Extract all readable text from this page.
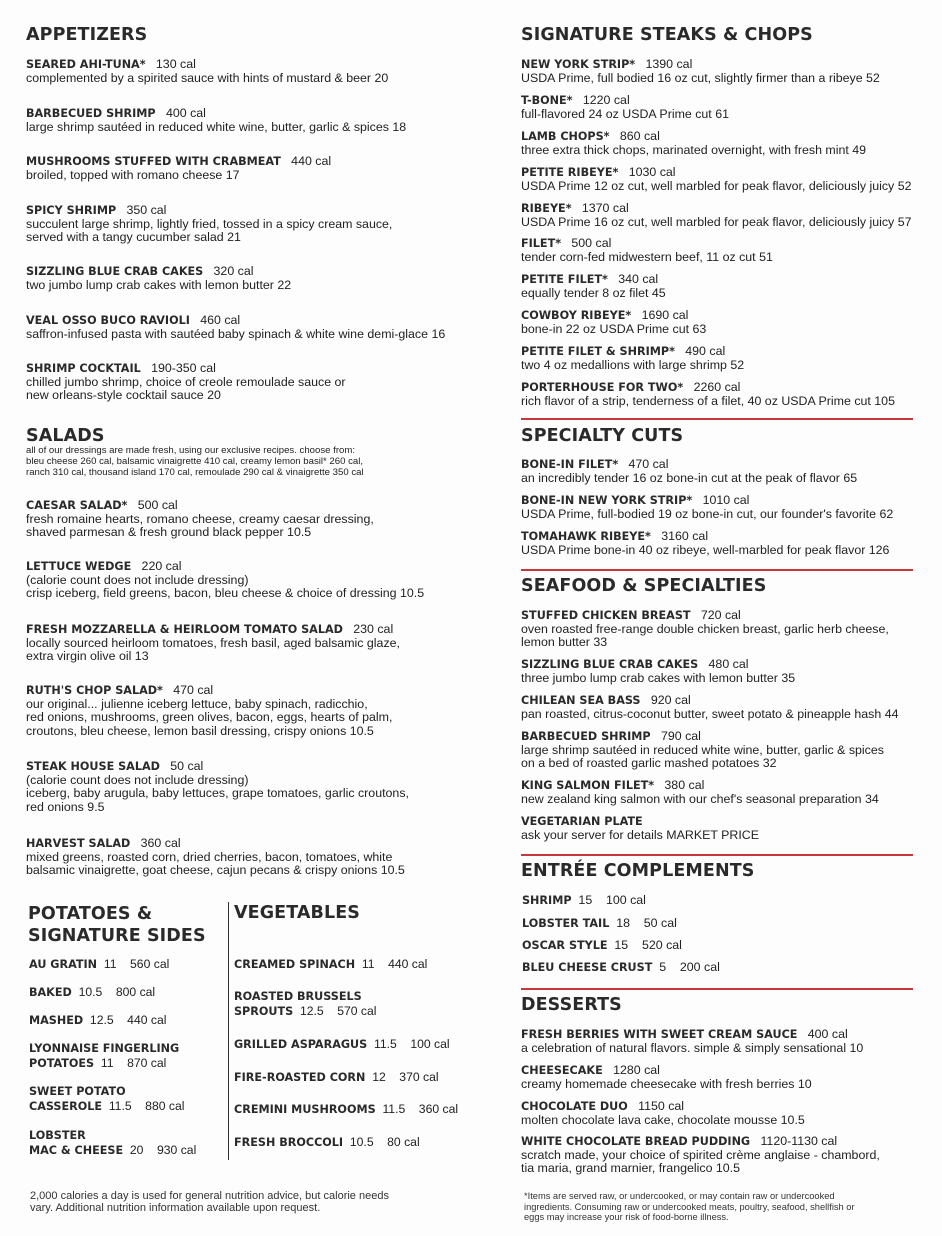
APPETIZERS
SEARED AHI-TUNA* 130 cal
complemented by a spirited sauce with hints of mustard & beer 20
BARBECUED SHRIMP 400 cal
large shrimp sautéed in reduced white wine, butter, garlic & spices 18
MUSHROOMS STUFFED WITH CRABMEAT 440 cal
broiled, topped with romano cheese 17
SPICY SHRIMP 350 cal
succulent large shrimp, lightly fried, tossed in a spicy cream sauce,
served with a tangy cucumber salad 21
SIZZLING BLUE CRAB CAKES 320 cal
two jumbo lump crab cakes with lemon butter 22
VEAL OSSO BUCO RAVIOLI 460 cal
saffron-infused pasta with sautéed baby spinach & white wine demi-glace 16
SHRIMP COCKTAIL 190-350 cal
chilled jumbo shrimp, choice of creole remoulade sauce or
new orleans-style cocktail sauce 20
SALADS
all of our dressings are made fresh, using our exclusive recipes. choose from:
bleu cheese 260 cal, balsamic vinaigrette 410 cal, creamy lemon basil* 260 cal,
ranch 310 cal, thousand island 170 cal, remoulade 290 cal & vinaigrette 350 cal
CAESAR SALAD* 500 cal
fresh romaine hearts, romano cheese, creamy caesar dressing,
shaved parmesan & fresh ground black pepper 10.5
LETTUCE WEDGE 220 cal
(calorie count does not include dressing)
crisp iceberg, field greens, bacon, bleu cheese & choice of dressing 10.5
FRESH MOZZARELLA & HEIRLOOM TOMATO SALAD 230 cal
locally sourced heirloom tomatoes, fresh basil, aged balsamic glaze,
extra virgin olive oil 13
RUTH'S CHOP SALAD* 470 cal
our original... julienne iceberg lettuce, baby spinach, radicchio,
red onions, mushrooms, green olives, bacon, eggs, hearts of palm,
croutons, bleu cheese, lemon basil dressing, crispy onions 10.5
STEAK HOUSE SALAD 50 cal
(calorie count does not include dressing)
iceberg, baby arugula, baby lettuces, grape tomatoes, garlic croutons,
red onions 9.5
HARVEST SALAD 360 cal
mixed greens, roasted corn, dried cherries, bacon, tomatoes, white
balsamic vinaigrette, goat cheese, cajun pecans & crispy onions 10.5
POTATOES &
SIGNATURE SIDES
VEGETABLES
AU GRATIN 11    560 cal
BAKED 10.5    800 cal
MASHED 12.5    440 cal
LYONNAISE FINGERLING
POTATOES 11    870 cal
SWEET POTATO
CASSEROLE 11.5    880 cal
LOBSTER
MAC & CHEESE 20    930 cal
CREAMED SPINACH 11    440 cal
ROASTED BRUSSELS
SPROUTS 12.5    570 cal
GRILLED ASPARAGUS 11.5    100 cal
FIRE-ROASTED CORN 12    370 cal
CREMINI MUSHROOMS 11.5    360 cal
FRESH BROCCOLI 10.5    80 cal
2,000 calories a day is used for general nutrition advice, but calorie needs
vary. Additional nutrition information available upon request.
SIGNATURE STEAKS & CHOPS
NEW YORK STRIP* 1390 cal
USDA Prime, full bodied 16 oz cut, slightly firmer than a ribeye 52
T-BONE* 1220 cal
full-flavored 24 oz USDA Prime cut 61
LAMB CHOPS* 860 cal
three extra thick chops, marinated overnight, with fresh mint 49
PETITE RIBEYE* 1030 cal
USDA Prime 12 oz cut, well marbled for peak flavor, deliciously juicy 52
RIBEYE* 1370 cal
USDA Prime 16 oz cut, well marbled for peak flavor, deliciously juicy 57
FILET* 500 cal
tender corn-fed midwestern beef, 11 oz cut 51
PETITE FILET* 340 cal
equally tender 8 oz filet 45
COWBOY RIBEYE* 1690 cal
bone-in 22 oz USDA Prime cut 63
PETITE FILET & SHRIMP* 490 cal
two 4 oz medallions with large shrimp 52
PORTERHOUSE FOR TWO* 2260 cal
rich flavor of a strip, tenderness of a filet, 40 oz USDA Prime cut 105
SPECIALTY CUTS
BONE-IN FILET* 470 cal
an incredibly tender 16 oz bone-in cut at the peak of flavor 65
BONE-IN NEW YORK STRIP* 1010 cal
USDA Prime, full-bodied 19 oz bone-in cut, our founder's favorite 62
TOMAHAWK RIBEYE* 3160 cal
USDA Prime bone-in 40 oz ribeye, well-marbled for peak flavor 126
SEAFOOD & SPECIALTIES
STUFFED CHICKEN BREAST 720 cal
oven roasted free-range double chicken breast, garlic herb cheese,
lemon butter 33
SIZZLING BLUE CRAB CAKES 480 cal
three jumbo lump crab cakes with lemon butter 35
CHILEAN SEA BASS 920 cal
pan roasted, citrus-coconut butter, sweet potato & pineapple hash 44
BARBECUED SHRIMP 790 cal
large shrimp sautéed in reduced white wine, butter, garlic & spices
on a bed of roasted garlic mashed potatoes 32
KING SALMON FILET* 380 cal
new zealand king salmon with our chef's seasonal preparation 34
VEGETARIAN PLATE
ask your server for details MARKET PRICE
ENTRÉE COMPLEMENTS
SHRIMP 15    100 cal
LOBSTER TAIL 18    50 cal
OSCAR STYLE 15    520 cal
BLEU CHEESE CRUST 5    200 cal
DESSERTS
FRESH BERRIES WITH SWEET CREAM SAUCE 400 cal
a celebration of natural flavors. simple & simply sensational 10
CHEESECAKE 1280 cal
creamy homemade cheesecake with fresh berries 10
CHOCOLATE DUO 1150 cal
molten chocolate lava cake, chocolate mousse 10.5
WHITE CHOCOLATE BREAD PUDDING 1120-1130 cal
scratch made, your choice of spirited crème anglaise - chambord,
tia maria, grand marnier, frangelico 10.5
*Items are served raw, or undercooked, or may contain raw or undercooked
ingredients. Consuming raw or undercooked meats, poultry, seafood, shellfish or
eggs may increase your risk of food-borne illness.
